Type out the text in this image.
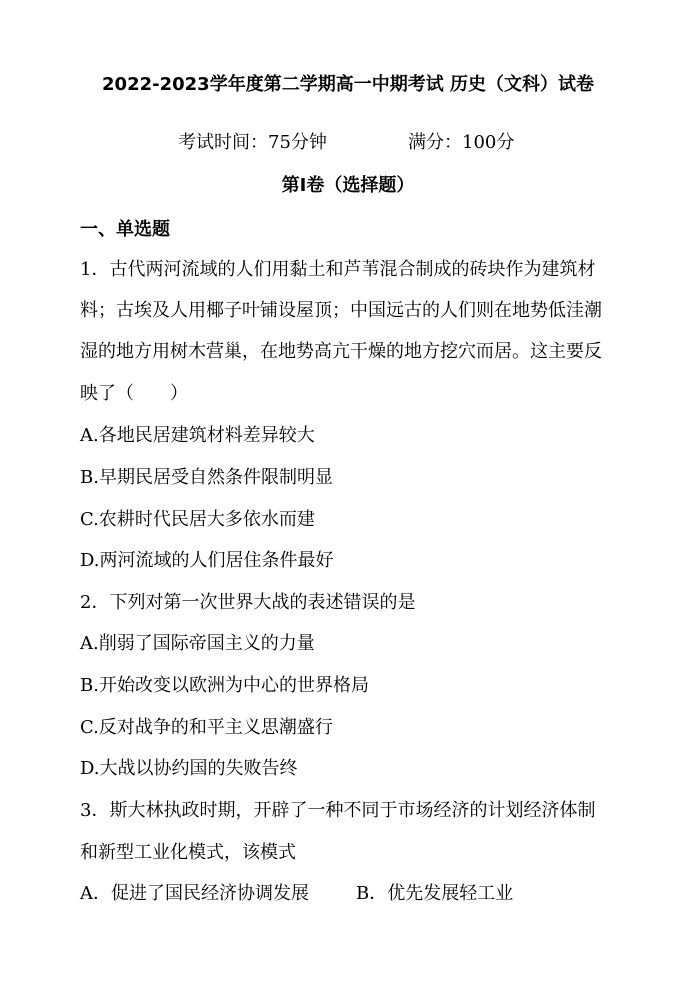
2022-2023学年度第二学期高一中期考试 历史（文科）试卷
考试时间：75分钟	满分：100分
第Ⅰ卷（选择题）
一、单选题
1．古代两河流域的人们用黏土和芦苇混合制成的砖块作为建筑材
料；古埃及人用椰子叶铺设屋顶；中国远古的人们则在地势低洼潮
湿的地方用树木营巢，在地势高亢干燥的地方挖穴而居。这主要反
映了（　　）
A.各地民居建筑材料差异较大
B.早期民居受自然条件限制明显
C.农耕时代民居大多依水而建
D.两河流域的人们居住条件最好
2．下列对第一次世界大战的表述错误的是
A.削弱了国际帝国主义的力量
B.开始改变以欧洲为中心的世界格局
C.反对战争的和平主义思潮盛行
D.大战以协约国的失败告终
3．斯大林执政时期，开辟了一种不同于市场经济的计划经济体制
和新型工业化模式，该模式
A．促进了国民经济协调发展	B．优先发展轻工业
